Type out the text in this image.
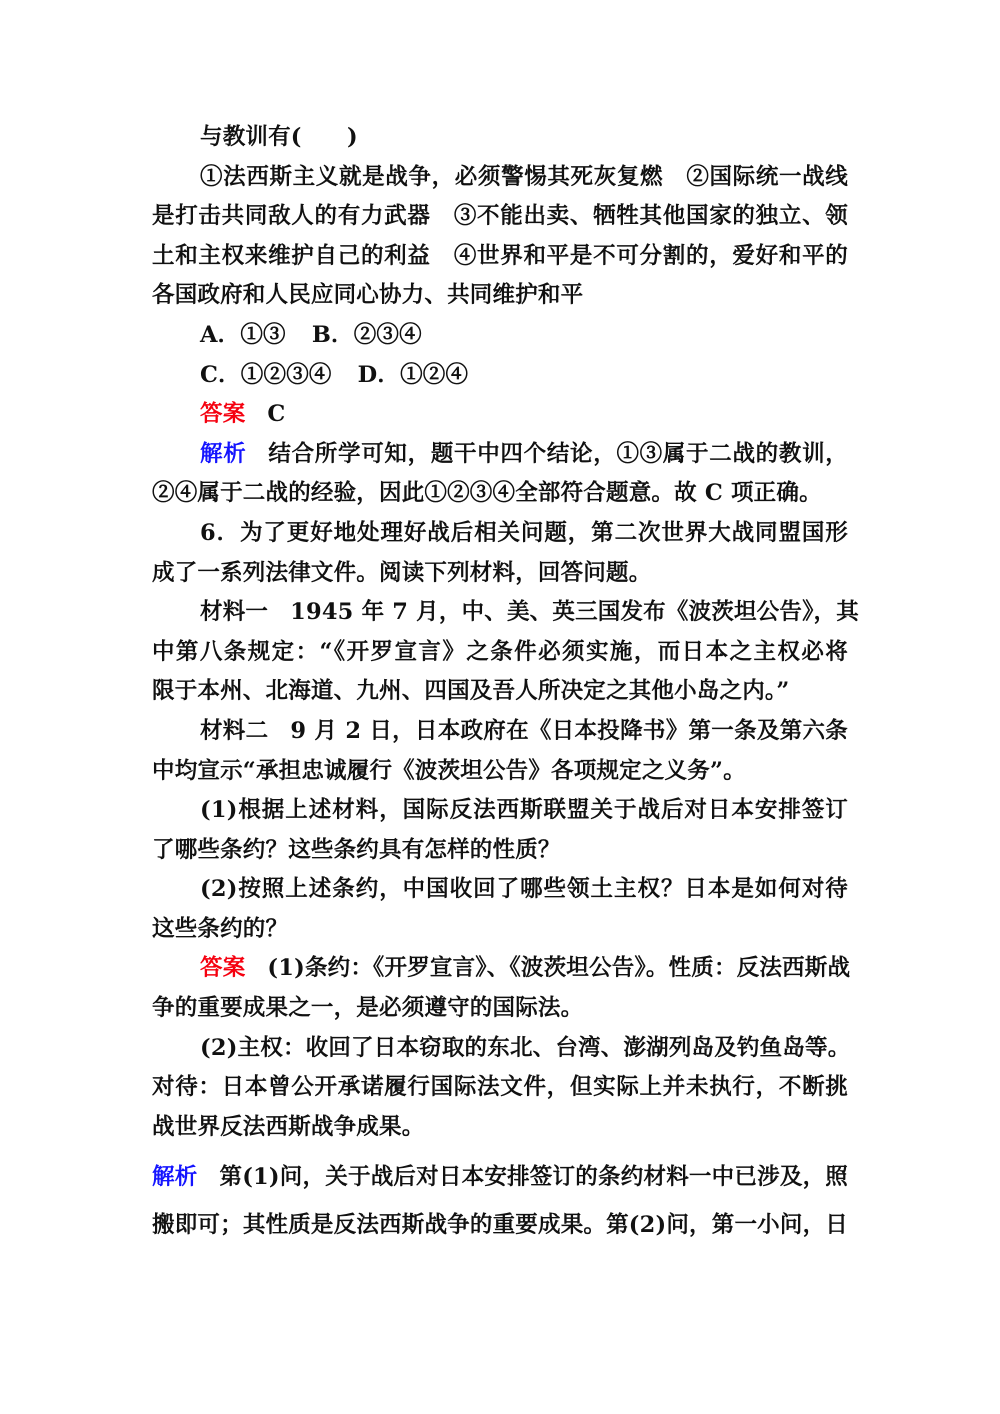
与教训有(　　)
①法西斯主义就是战争，必须警惕其死灰复燃　②国际统一战线
是打击共同敌人的有力武器　③不能出卖、牺牲其他国家的独立、领
土和主权来维护自己的利益　④世界和平是不可分割的，爱好和平的
各国政府和人民应同心协力、共同维护和平
A．①③ B．②③④
C．①②③④ D．①②④
答案 C
解析 结合所学可知，题干中四个结论，①③属于二战的教训，
②④属于二战的经验，因此①②③④全部符合题意。故 C 项正确。
6．为了更好地处理好战后相关问题，第二次世界大战同盟国形
成了一系列法律文件。阅读下列材料，回答问题。
材料一 1945 年 7 月，中、美、英三国发布《波茨坦公告》，其
中第八条规定：“《开罗宣言》之条件必须实施，而日本之主权必将
限于本州、北海道、九州、四国及吾人所决定之其他小岛之内。”
材料二 9 月 2 日，日本政府在《日本投降书》第一条及第六条
中均宣示“承担忠诚履行《波茨坦公告》各项规定之义务”。
(1)根据上述材料，国际反法西斯联盟关于战后对日本安排签订
了哪些条约？这些条约具有怎样的性质？
(2)按照上述条约，中国收回了哪些领土主权？日本是如何对待
这些条约的？
答案 (1)条约：《开罗宣言》、《波茨坦公告》。性质：反法西斯战
争的重要成果之一，是必须遵守的国际法。
(2)主权：收回了日本窃取的东北、台湾、澎湖列岛及钓鱼岛等。
对待：日本曾公开承诺履行国际法文件，但实际上并未执行，不断挑
战世界反法西斯战争成果。
解析 第(1)问，关于战后对日本安排签订的条约材料一中已涉及，照
搬即可；其性质是反法西斯战争的重要成果。第(2)问，第一小问，日
